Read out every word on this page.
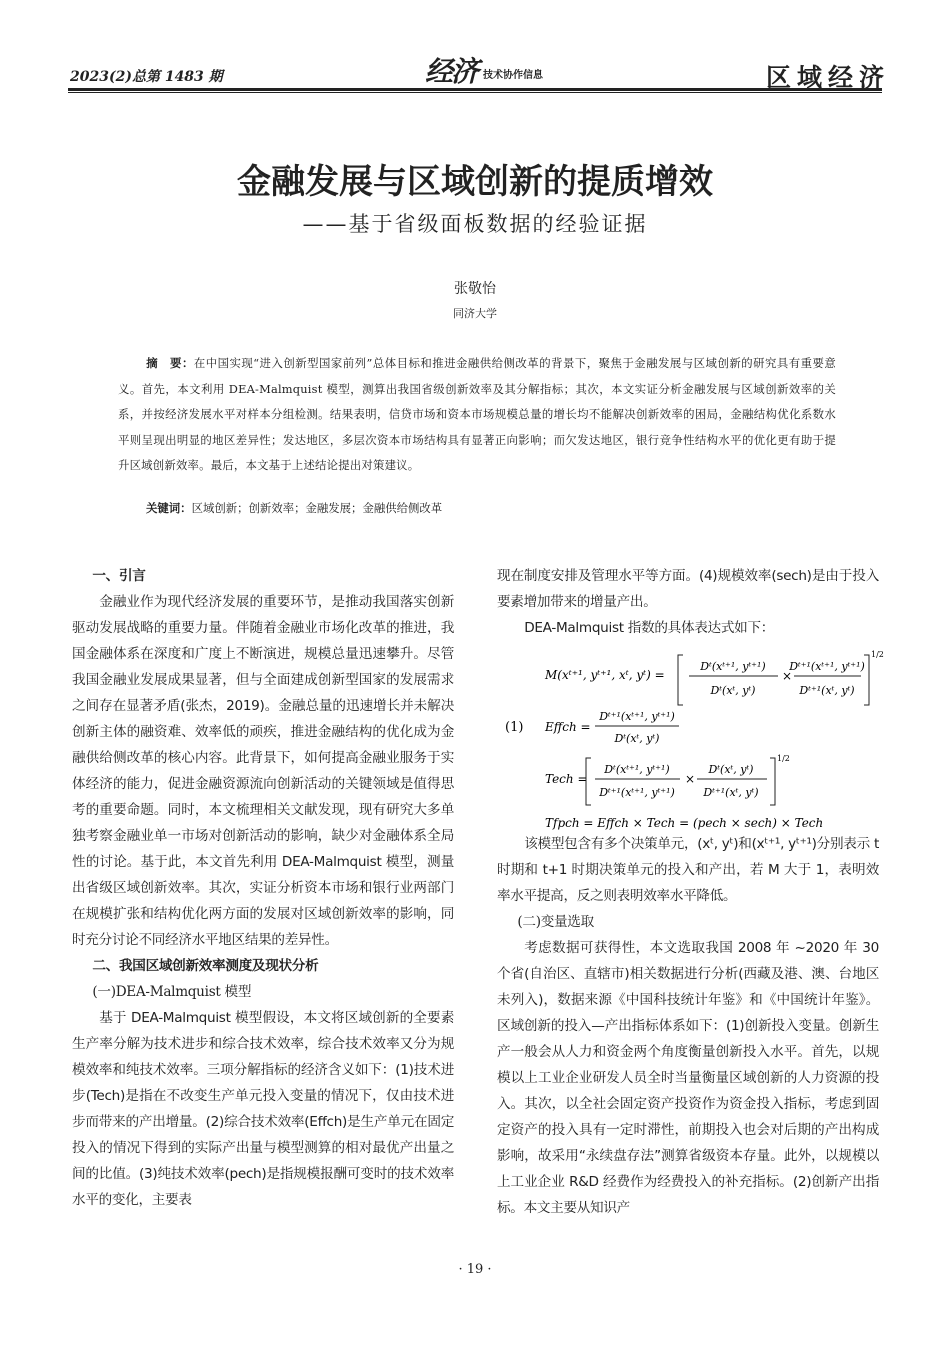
2023(2)总第 1483 期	经济 技术协作信息	区域经济
金融发展与区域创新的提质增效
——基于省级面板数据的经验证据
张敬怡
同济大学
摘　要：在中国实现“进入创新型国家前列”总体目标和推进金融供给侧改革的背景下，聚焦于金融发展与区域创新的研究具有重要意义。首先，本文利用 DEA-Malmquist 模型，测算出我国省级创新效率及其分解指标；其次，本文实证分析金融发展与区域创新效率的关系，并按经济发展水平对样本分组检测。结果表明，信贷市场和资本市场规模总量的增长均不能解决创新效率的困局，金融结构优化系数水平则呈现出明显的地区差异性；发达地区，多层次资本市场结构具有显著正向影响；而欠发达地区，银行竞争性结构水平的优化更有助于提升区域创新效率。最后，本文基于上述结论提出对策建议。
关键词：区域创新；创新效率；金融发展；金融供给侧改革

一、引言

金融业作为现代经济发展的重要环节，是推动我国落实创新驱动发展战略的重要力量。伴随着金融业市场化改革的推进，我国金融体系在深度和广度上不断演进，规模总量迅速攀升。尽管我国金融业发展成果显著，但与全面建成创新型国家的发展需求之间存在显著矛盾(张杰，2019)。金融总量的迅速增长并未解决创新主体的融资难、效率低的顽疾，推进金融结构的优化成为金融供给侧改革的核心内容。此背景下，如何提高金融业服务于实体经济的能力，促进金融资源流向创新活动的关键领域是值得思考的重要命题。同时，本文梳理相关文献发现，现有研究大多单独考察金融业单一市场对创新活动的影响，缺少对金融体系全局性的讨论。基于此，本文首先利用 DEA-Malmquist 模型，测量出省级区域创新效率。其次，实证分析资本市场和银行业两部门在规模扩张和结构优化两方面的发展对区域创新效率的影响，同时充分讨论不同经济水平地区结果的差异性。

二、我国区域创新效率测度及现状分析

(一)DEA-Malmquist 模型

基于 DEA-Malmquist 模型假设，本文将区域创新的全要素生产率分解为技术进步和综合技术效率，综合技术效率又分为规模效率和纯技术效率。三项分解指标的经济含义如下：(1)技术进步(Tech)是指在不改变生产单元投入变量的情况下，仅由技术进步而带来的产出增量。(2)综合技术效率(Effch)是生产单元在固定投入的情况下得到的实际产出量与模型测算的相对最优产出量之间的比值。(3)纯技术效率(pech)是指规模报酬可变时的技术效率水平的变化，主要表

现在制度安排及管理水平等方面。(4)规模效率(sech)是由于投入要素增加带来的增量产出。

DEA-Malmquist 指数的具体表达式如下：

该模型包含有多个决策单元，(xᵗ, yᵗ)和(xᵗ⁺¹, yᵗ⁺¹)分别表示 t 时期和 t+1 时期决策单元的投入和产出，若 M 大于 1，表明效率水平提高，反之则表明效率水平降低。

(二)变量选取

考虑数据可获得性，本文选取我国 2008 年 ~2020 年 30 个省(自治区、直辖市)相关数据进行分析(西藏及港、澳、台地区未列入)，数据来源《中国科技统计年鉴》和《中国统计年鉴》。区域创新的投入—产出指标体系如下：(1)创新投入变量。创新生产一般会从人力和资金两个角度衡量创新投入水平。首先，以规模以上工业企业研发人员全时当量衡量区域创新的人力资源的投入。其次，以全社会固定资产投资作为资金投入指标，考虑到固定资产的投入具有一定时滞性，前期投入也会对后期的产出构成影响，故采用“永续盘存法”测算省级资本存量。此外，以规模以上工业企业 R&D 经费作为经费投入的补充指标。(2)创新产出指标。本文主要从知识产

(1)
M(xᵗ⁺¹, yᵗ⁺¹, xᵗ, yᵗ) =
Dᵗ(xᵗ⁺¹, yᵗ⁺¹)
Dᵗ(xᵗ, yᵗ)
×
Dᵗ⁺¹(xᵗ⁺¹, yᵗ⁺¹)
Dᵗ⁺¹(xᵗ, yᵗ)
1/2
Effch =
Dᵗ⁺¹(xᵗ⁺¹, yᵗ⁺¹)
Dᵗ(xᵗ, yᵗ)
Tech =
Dᵗ(xᵗ⁺¹, yᵗ⁺¹)
Dᵗ⁺¹(xᵗ⁺¹, yᵗ⁺¹)
×
Dᵗ(xᵗ, yᵗ)
Dᵗ⁺¹(xᵗ, yᵗ)
1/2
Tfpch = Effch × Tech = (pech × sech) × Tech
· 19 ·
